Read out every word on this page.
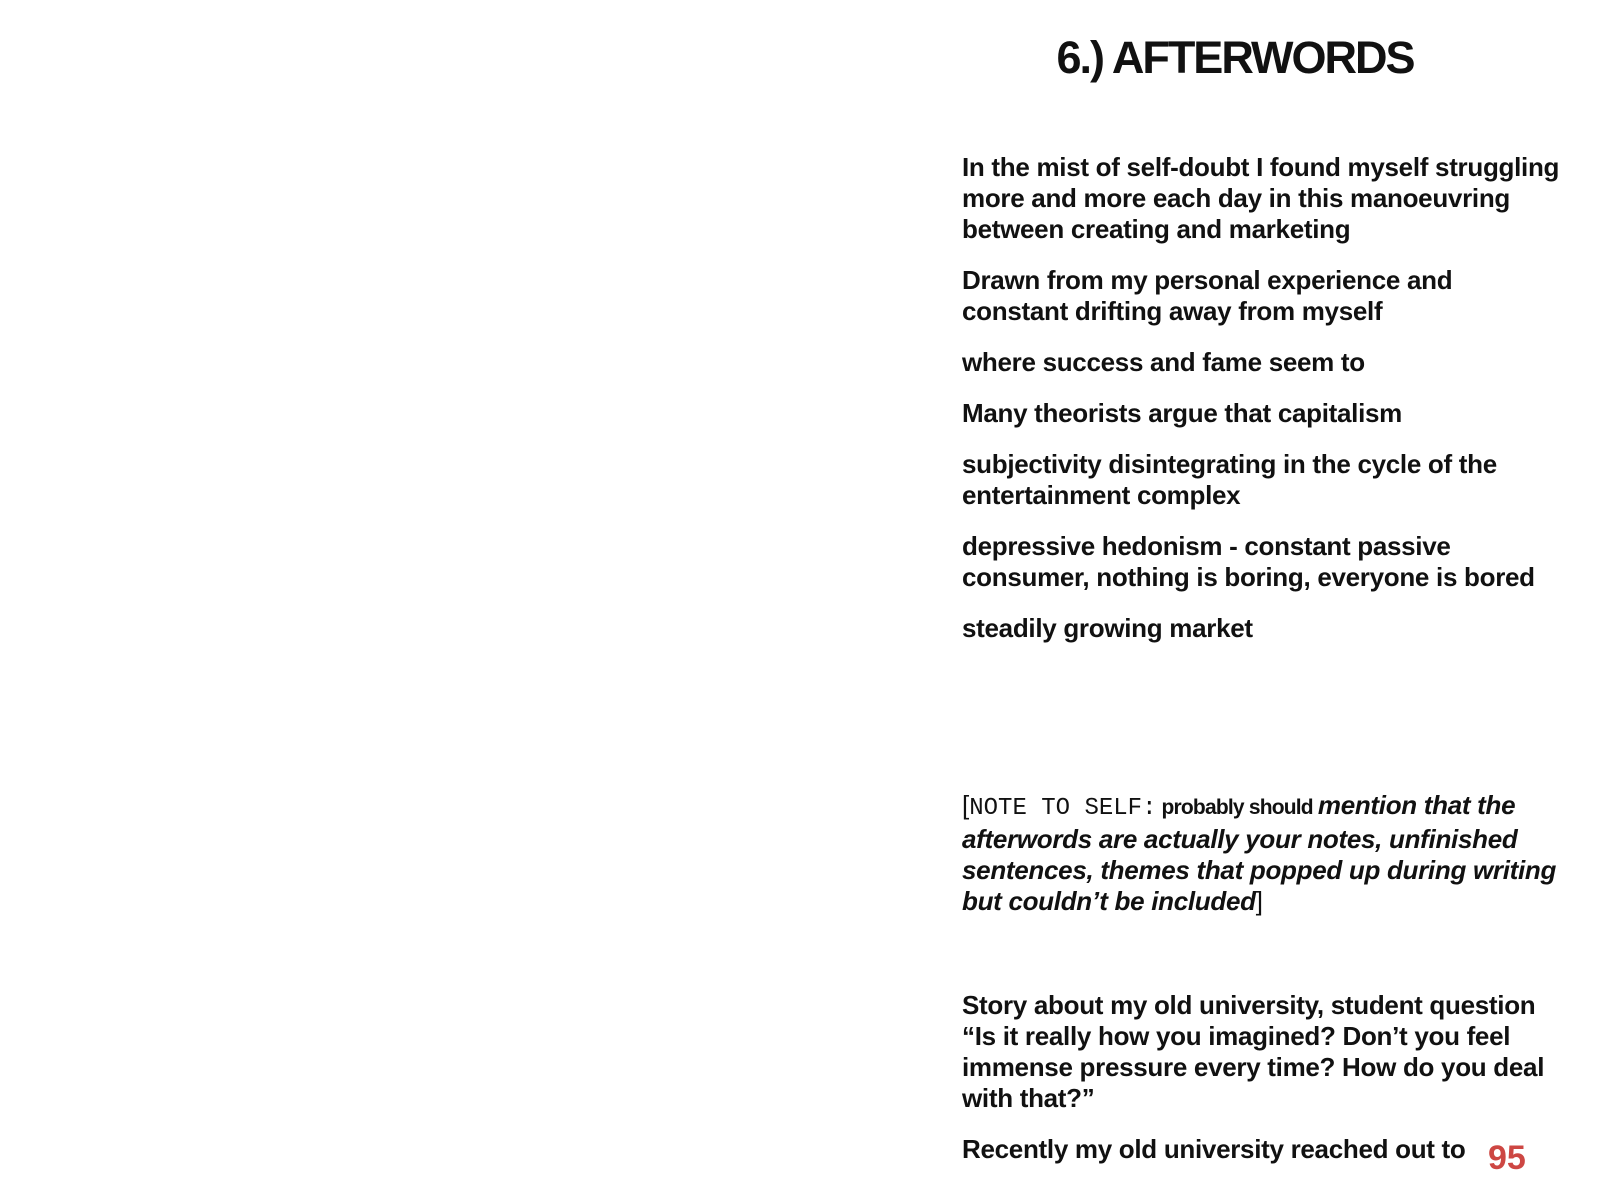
6.) AFTERWORDS

In the mist of self-doubt I found myself struggling more and more each day in this manoeuvring between creating and marketing

Drawn from my personal experience and constant drifting away from myself

where success and fame seem to

Many theorists argue that capitalism

subjectivity disintegrating in the cycle of the entertainment complex

depressive hedonism - constant passive consumer, nothing is boring, everyone is bored

steadily growing market

[NOTE TO SELF: probably should mention that the afterwords are actually your notes, unfinished sentences, themes that popped up during writing but couldn’t be included]

Story about my old university, student question “Is it really how you imagined? Don’t you feel immense pressure every time? How do you deal with that?”

Recently my old university reached out to 95
